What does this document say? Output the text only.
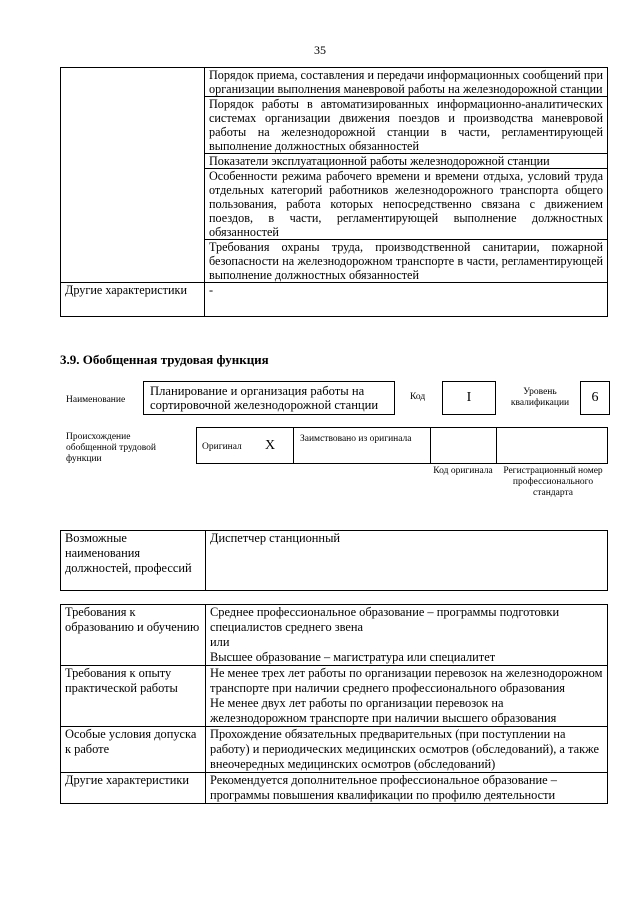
35
	Порядок приема, составления и передачи информационных сообщений при организации выполнения маневровой работы на железнодорожной станции
	Порядок работы в автоматизированных информационно-аналитических системах организации движения поездов и производства маневровой работы на железнодорожной станции в части, регламентирующей выполнение должностных обязанностей
	Показатели эксплуатационной работы железнодорожной станции
	Особенности режима рабочего времени и времени отдыха, условий труда отдельных категорий работников железнодорожного транспорта общего пользования, работа которых непосредственно связана с движением поездов, в части, регламентирующей выполнение должностных обязанностей
	Требования охраны труда, производственной санитарии, пожарной безопасности на железнодорожном транспорте в части, регламентирующей выполнение должностных обязанностей
Другие характеристики	-
3.9. Обобщенная трудовая функция
Наименование
Планирование и организация работы на сортировочной железнодорожной станции
Код	I	Уровень квалификации	6
Происхождение обобщенной трудовой функции
Оригинал X	Заимствовано из оригинала
Код оригинала	Регистрационный номер профессионального стандарта
Возможные наименования должностей, профессий	Диспетчер станционный
Требования к образованию и обучению	Среднее профессиональное образование – программы подготовки специалистов среднего звена
или
Высшее образование – магистратура или специалитет

Требования к опыту практической работы	Не менее трех лет работы по организации перевозок на железнодорожном транспорте при наличии среднего профессионального образования
Не менее двух лет работы по организации перевозок на железнодорожном транспорте при наличии высшего образования

Особые условия допуска к работе	Прохождение обязательных предварительных (при поступлении на работу) и периодических медицинских осмотров (обследований), а также внеочередных медицинских осмотров (обследований)

Другие характеристики	Рекомендуется дополнительное профессиональное образование – программы повышения квалификации по профилю деятельности
